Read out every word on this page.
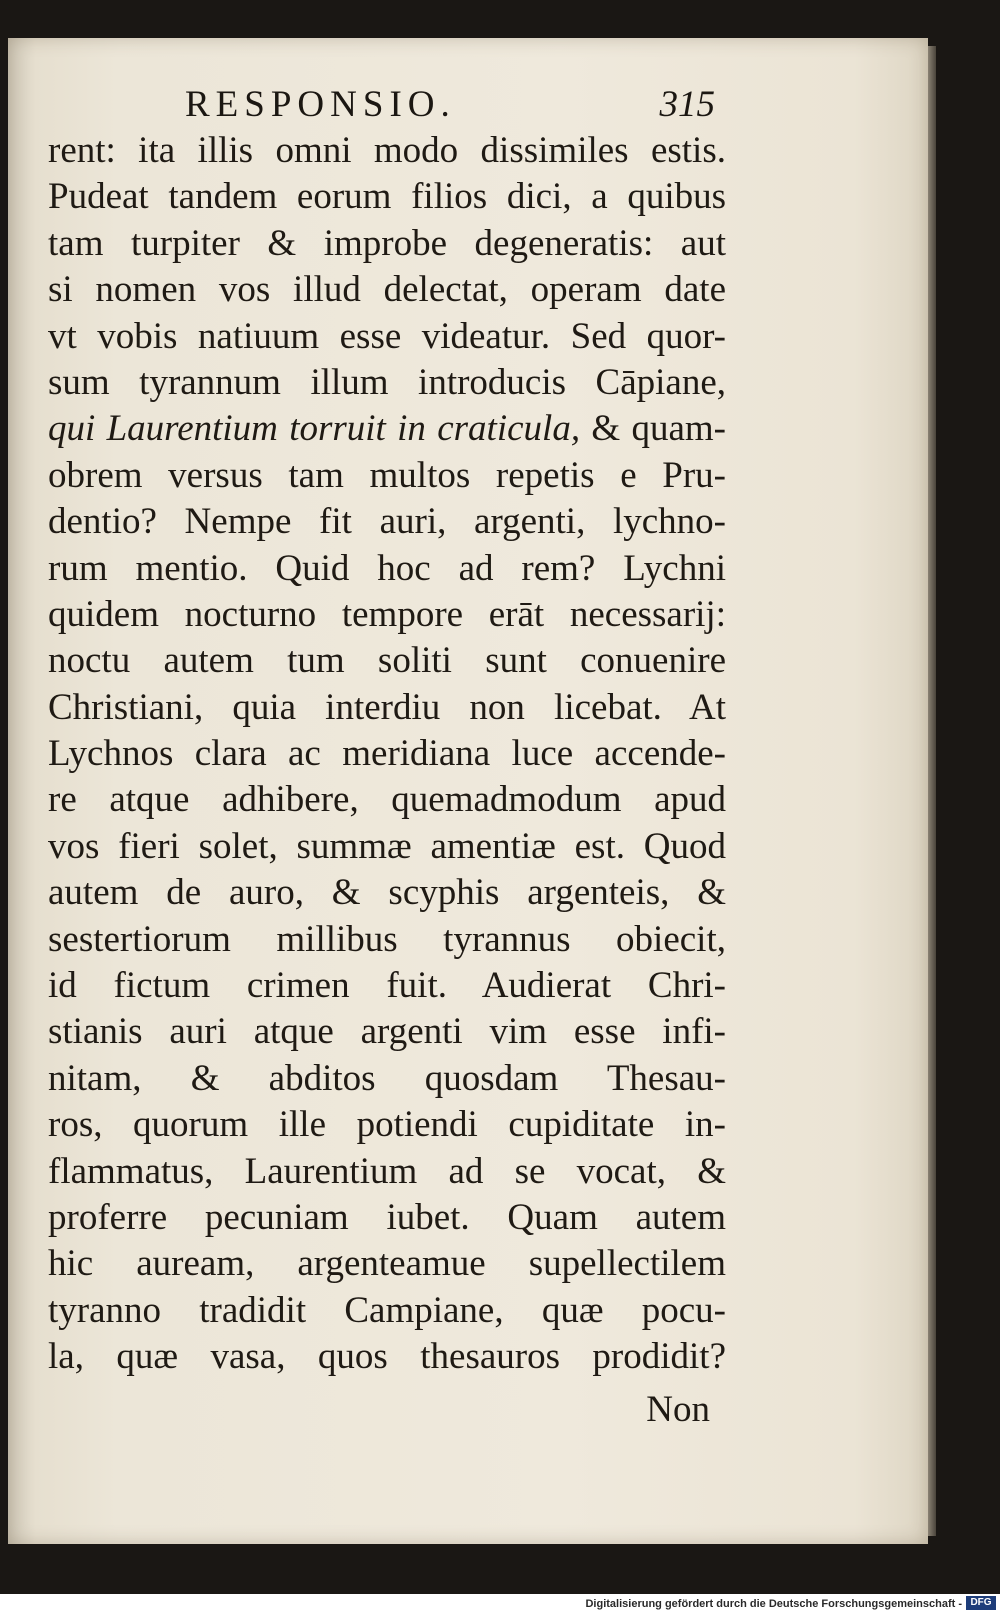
RESPONSIO.	315
rent: ita illis omni modo dissimiles estis.
Pudeat tandem eorum filios dici, a quibus
tam turpiter & improbe degeneratis: aut
si nomen vos illud delectat, operam date
vt vobis natiuum esse videatur. Sed quor-
sum tyrannum illum introducis Cāpiane,
qui Laurentium torruit in craticula, & quam-
obrem versus tam multos repetis e Pru-
dentio? Nempe fit auri, argenti, lychno-
rum mentio. Quid hoc ad rem? Lychni
quidem nocturno tempore erāt necessarij:
noctu autem tum soliti sunt conuenire
Christiani, quia interdiu non licebat. At
Lychnos clara ac meridiana luce accende-
re atque adhibere, quemadmodum apud
vos fieri solet, summæ amentiæ est. Quod
autem de auro, & scyphis argenteis, &
sestertiorum millibus tyrannus obiecit,
id fictum crimen fuit. Audierat Chri-
stianis auri atque argenti vim esse infi-
nitam, & abditos quosdam Thesau-
ros, quorum ille potiendi cupiditate in-
flammatus, Laurentium ad se vocat, &
proferre pecuniam iubet. Quam autem
hic auream, argenteamue supellectilem
tyranno tradidit Campiane, quæ pocu-
la, quæ vasa, quos thesauros prodidit?
Non
Digitalisierung gefördert durch die Deutsche Forschungsgemeinschaft - DFG
